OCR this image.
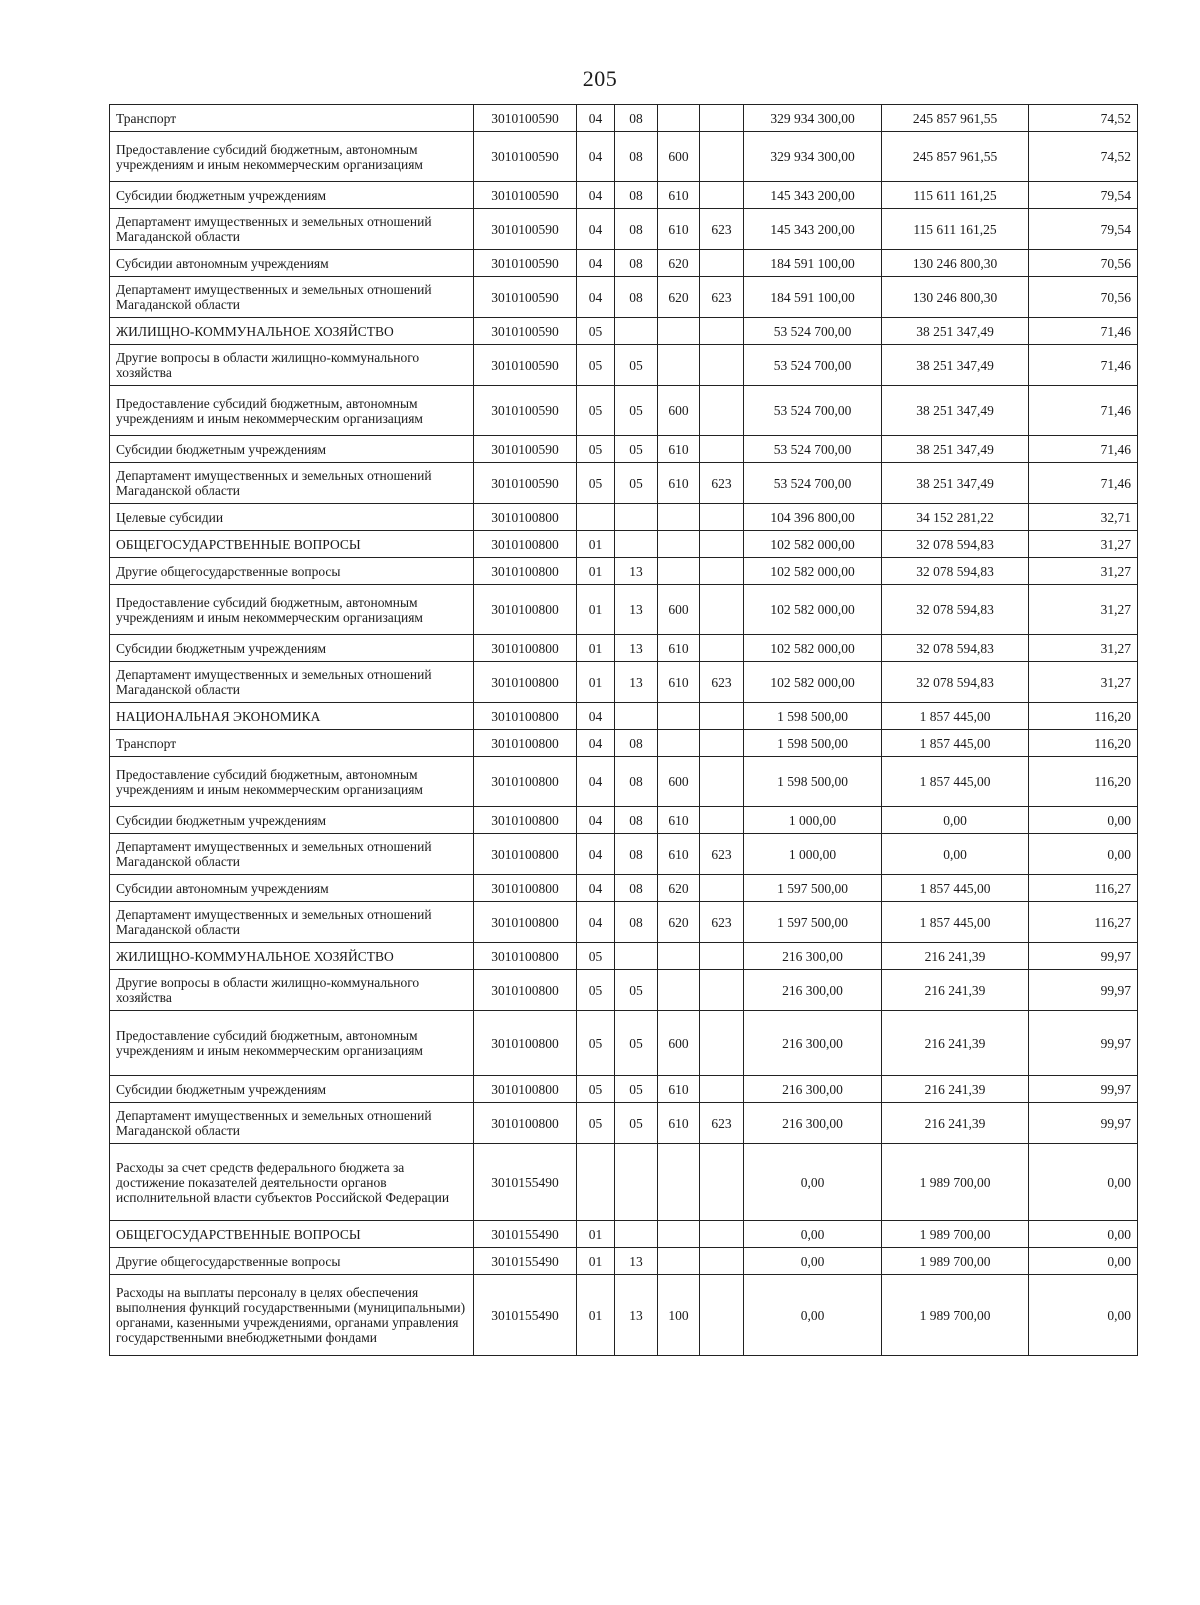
205
Транспорт	3010100590	04	08			329 934 300,00	245 857 961,55	74,52
Предоставление субсидий бюджетным, автономным учреждениям и иным некоммерческим организациям	3010100590	04	08	600		329 934 300,00	245 857 961,55	74,52
Субсидии бюджетным учреждениям	3010100590	04	08	610		145 343 200,00	115 611 161,25	79,54
Департамент имущественных и земельных отношений Магаданской области	3010100590	04	08	610	623	145 343 200,00	115 611 161,25	79,54
Субсидии автономным учреждениям	3010100590	04	08	620		184 591 100,00	130 246 800,30	70,56
Департамент имущественных и земельных отношений Магаданской области	3010100590	04	08	620	623	184 591 100,00	130 246 800,30	70,56
ЖИЛИЩНО-КОММУНАЛЬНОЕ ХОЗЯЙСТВО	3010100590	05				53 524 700,00	38 251 347,49	71,46
Другие вопросы в области жилищно-коммунального хозяйства	3010100590	05	05			53 524 700,00	38 251 347,49	71,46
Предоставление субсидий бюджетным, автономным учреждениям и иным некоммерческим организациям	3010100590	05	05	600		53 524 700,00	38 251 347,49	71,46
Субсидии бюджетным учреждениям	3010100590	05	05	610		53 524 700,00	38 251 347,49	71,46
Департамент имущественных и земельных отношений Магаданской области	3010100590	05	05	610	623	53 524 700,00	38 251 347,49	71,46
Целевые субсидии	3010100800					104 396 800,00	34 152 281,22	32,71
ОБЩЕГОСУДАРСТВЕННЫЕ ВОПРОСЫ	3010100800	01				102 582 000,00	32 078 594,83	31,27
Другие общегосударственные вопросы	3010100800	01	13			102 582 000,00	32 078 594,83	31,27
Предоставление субсидий бюджетным, автономным учреждениям и иным некоммерческим организациям	3010100800	01	13	600		102 582 000,00	32 078 594,83	31,27
Субсидии бюджетным учреждениям	3010100800	01	13	610		102 582 000,00	32 078 594,83	31,27
Департамент имущественных и земельных отношений Магаданской области	3010100800	01	13	610	623	102 582 000,00	32 078 594,83	31,27
НАЦИОНАЛЬНАЯ ЭКОНОМИКА	3010100800	04				1 598 500,00	1 857 445,00	116,20
Транспорт	3010100800	04	08			1 598 500,00	1 857 445,00	116,20
Предоставление субсидий бюджетным, автономным учреждениям и иным некоммерческим организациям	3010100800	04	08	600		1 598 500,00	1 857 445,00	116,20
Субсидии бюджетным учреждениям	3010100800	04	08	610		1 000,00	0,00	0,00
Департамент имущественных и земельных отношений Магаданской области	3010100800	04	08	610	623	1 000,00	0,00	0,00
Субсидии автономным учреждениям	3010100800	04	08	620		1 597 500,00	1 857 445,00	116,27
Департамент имущественных и земельных отношений Магаданской области	3010100800	04	08	620	623	1 597 500,00	1 857 445,00	116,27
ЖИЛИЩНО-КОММУНАЛЬНОЕ ХОЗЯЙСТВО	3010100800	05				216 300,00	216 241,39	99,97
Другие вопросы в области жилищно-коммунального хозяйства	3010100800	05	05			216 300,00	216 241,39	99,97
Предоставление субсидий бюджетным, автономным учреждениям и иным некоммерческим организациям	3010100800	05	05	600		216 300,00	216 241,39	99,97
Субсидии бюджетным учреждениям	3010100800	05	05	610		216 300,00	216 241,39	99,97
Департамент имущественных и земельных отношений Магаданской области	3010100800	05	05	610	623	216 300,00	216 241,39	99,97
Расходы за счет средств федерального бюджета за достижение показателей деятельности органов исполнительной власти субъектов Российской Федерации	3010155490					0,00	1 989 700,00	0,00
ОБЩЕГОСУДАРСТВЕННЫЕ ВОПРОСЫ	3010155490	01				0,00	1 989 700,00	0,00
Другие общегосударственные вопросы	3010155490	01	13			0,00	1 989 700,00	0,00
Расходы на выплаты персоналу в целях обеспечения выполнения функций государственными (муниципальными) органами, казенными учреждениями, органами управления государственными внебюджетными фондами	3010155490	01	13	100		0,00	1 989 700,00	0,00
